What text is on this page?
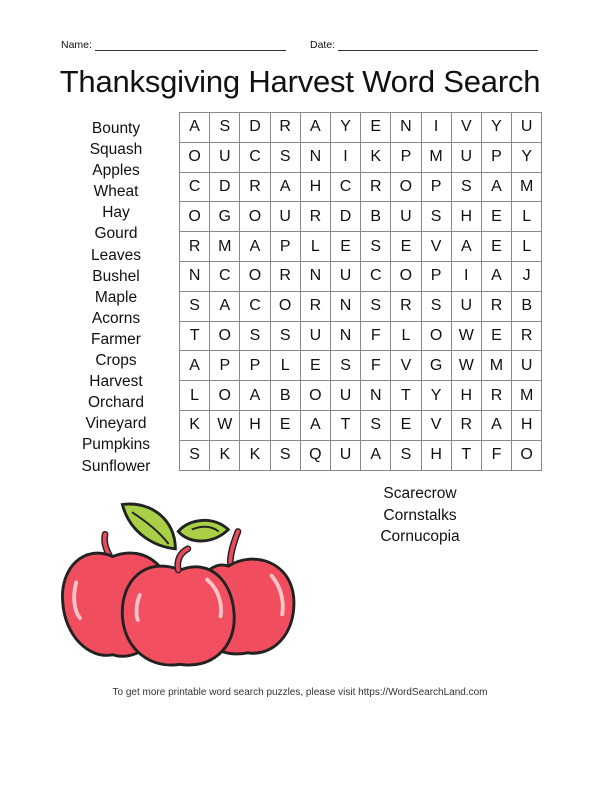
Name:	Date:
Thanksgiving Harvest Word Search
Bounty
Squash
Apples
Wheat
Hay
Gourd
Leaves
Bushel
Maple
Acorns
Farmer
Crops
Harvest
Orchard
Vineyard
Pumpkins
Sunflower
A	S	D	R	A	Y	E	N	I	V	Y	U
O	U	C	S	N	I	K	P	M	U	P	Y
C	D	R	A	H	C	R	O	P	S	A	M
O	G	O	U	R	D	B	U	S	H	E	L
R	M	A	P	L	E	S	E	V	A	E	L
N	C	O	R	N	U	C	O	P	I	A	J
S	A	C	O	R	N	S	R	S	U	R	B
T	O	S	S	U	N	F	L	O	W	E	R
A	P	P	L	E	S	F	V	G	W	M	U
L	O	A	B	O	U	N	T	Y	H	R	M
K	W	H	E	A	T	S	E	V	R	A	H
S	K	K	S	Q	U	A	S	H	T	F	O
Scarecrow
Cornstalks
Cornucopia
To get more printable word search puzzles, please visit https://WordSearchLand.com
